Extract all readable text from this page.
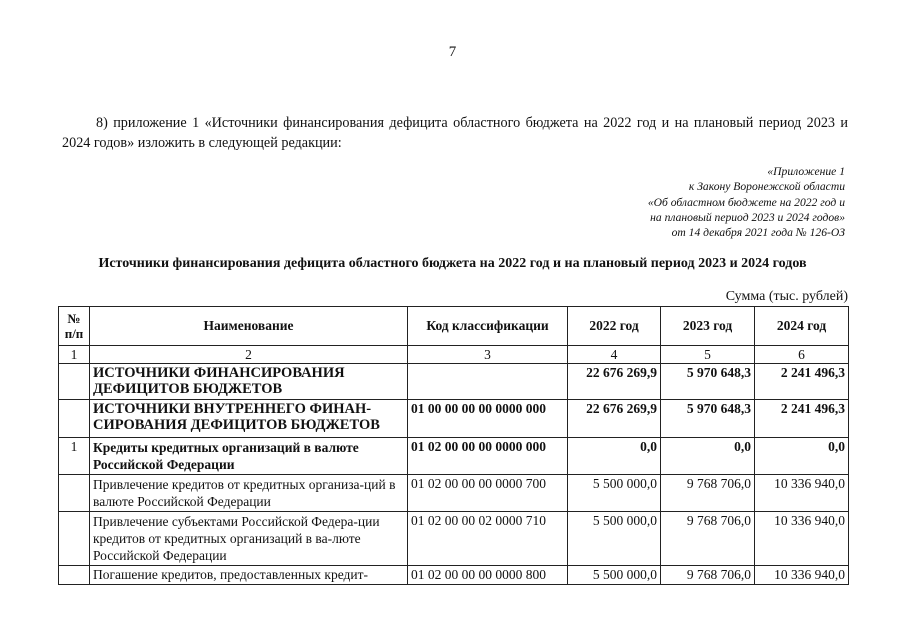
7
8) приложение 1 «Источники финансирования дефицита областного бюджета на 2022 год и на плановый период 2023 и 2024 годов» изложить в следующей редакции:
«Приложение 1
к Закону Воронежской области
«Об областном бюджете на 2022 год и
на плановый период 2023 и 2024 годов»
от 14 декабря 2021 года № 126-ОЗ
Источники финансирования дефицита областного бюджета на 2022 год и на плановый период 2023 и 2024 годов
Сумма (тыс. рублей)
№ п/п	Наименование	Код классификации	2022 год	2023 год	2024 год
1	2	3	4	5	6
	ИСТОЧНИКИ ФИНАНСИРОВАНИЯ ДЕФИЦИТОВ БЮДЖЕТОВ		22 676 269,9	5 970 648,3	2 241 496,3
	ИСТОЧНИКИ ВНУТРЕННЕГО ФИНАН-СИРОВАНИЯ ДЕФИЦИТОВ БЮДЖЕТОВ	01 00 00 00 00 0000 000	22 676 269,9	5 970 648,3	2 241 496,3
1	Кредиты кредитных организаций в валюте Российской Федерации	01 02 00 00 00 0000 000	0,0	0,0	0,0
	Привлечение кредитов от кредитных организа-ций в валюте Российской Федерации	01 02 00 00 00 0000 700	5 500 000,0	9 768 706,0	10 336 940,0
	Привлечение субъектами Российской Федера-ции кредитов от кредитных организаций в ва-люте Российской Федерации	01 02 00 00 02 0000 710	5 500 000,0	9 768 706,0	10 336 940,0
	Погашение кредитов, предоставленных кредит-	01 02 00 00 00 0000 800	5 500 000,0	9 768 706,0	10 336 940,0
